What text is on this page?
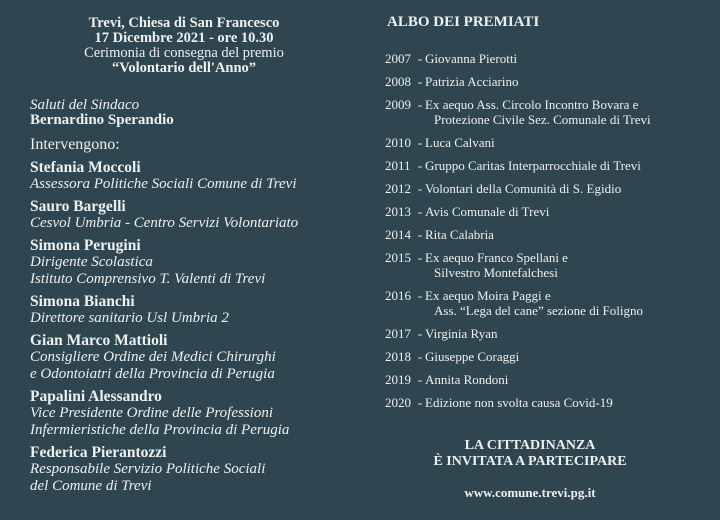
Trevi, Chiesa di San Francesco
17 Dicembre 2021 - ore 10.30
Cerimonia di consegna del premio
“Volontario dell'Anno”
Saluti del Sindaco
Bernardino Sperandio
Intervengono:
Stefania Moccoli
Assessora Politiche Sociali Comune di Trevi
Sauro Bargelli
Cesvol Umbria - Centro Servizi Volontariato
Simona Perugini
Dirigente Scolastica
Istituto Comprensivo T. Valenti di Trevi
Simona Bianchi
Direttore sanitario Usl Umbria 2
Gian Marco Mattioli
Consigliere Ordine dei Medici Chirurghi
e Odontoiatri della Provincia di Perugia
Papalini Alessandro
Vice Presidente Ordine delle Professioni
Infermieristiche della Provincia di Perugia
Federica Pierantozzi
Responsabile Servizio Politiche Sociali
del Comune di Trevi
ALBO DEI PREMIATI
2007 - Giovanna Pierotti
2008 - Patrizia Acciarino
2009 - Ex aequo Ass. Circolo Incontro Bovara e
Protezione Civile Sez. Comunale di Trevi
2010 - Luca Calvani
2011 - Gruppo Caritas Interparrocchiale di Trevi
2012 - Volontari della Comunità di S. Egidio
2013 - Avis Comunale di Trevi
2014 - Rita Calabria
2015 - Ex aequo Franco Spellani e
Silvestro Montefalchesi
2016 - Ex aequo Moira Paggi e
Ass. “Lega del cane” sezione di Foligno
2017 - Virginia Ryan
2018 - Giuseppe Coraggi
2019 - Annita Rondoni
2020 - Edizione non svolta causa Covid-19
LA CITTADINANZA
È INVITATA A PARTECIPARE
www.comune.trevi.pg.it
